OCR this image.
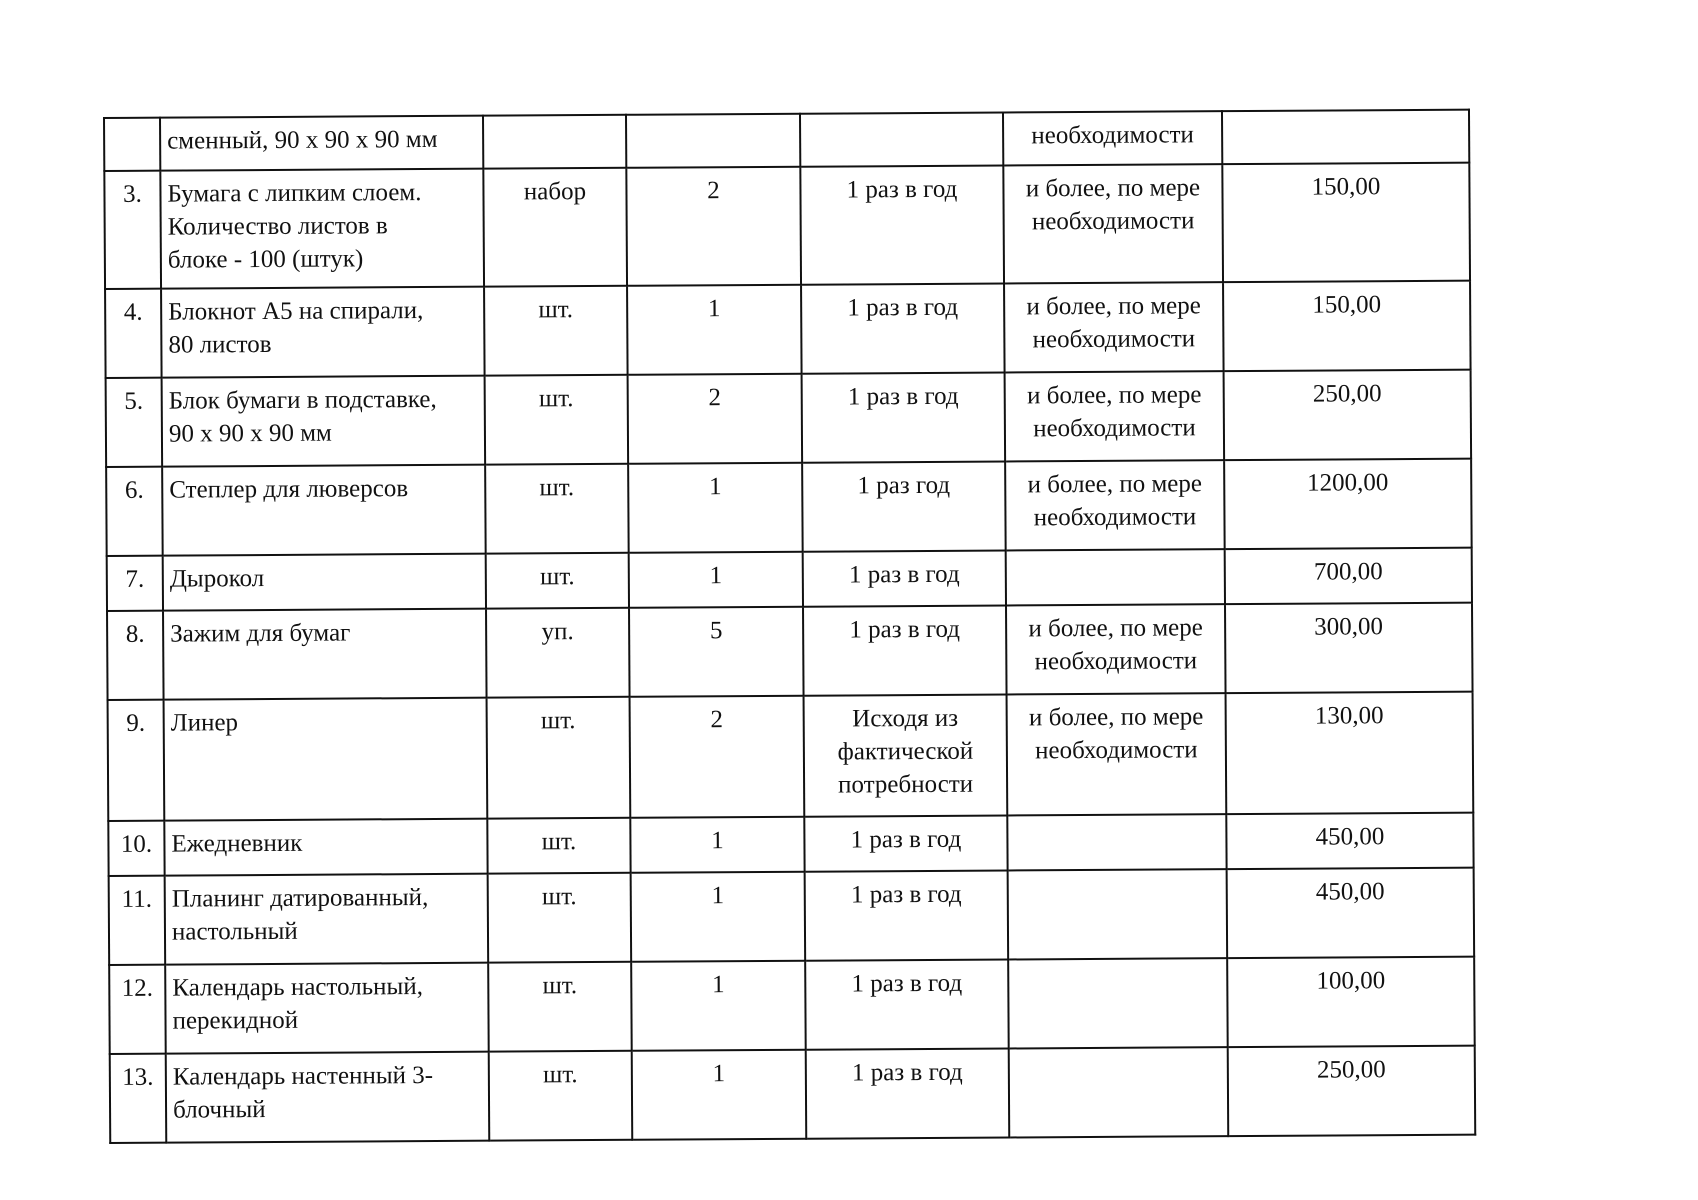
	сменный, 90 х 90 х 90 мм				необходимости	

3.	Бумага с липким слоем.
Количество листов в
блоке - 100 (штук)	набор	2	1 раз в год	и более, по мере
необходимости	150,00

4.	Блокнот А5 на спирали,
80 листов	шт.	1	1 раз в год	и более, по мере
необходимости	150,00

5.	Блок бумаги в подставке,
90 х 90 х 90 мм	шт.	2	1 раз в год	и более, по мере
необходимости	250,00

6.	Степлер для люверсов	шт.	1	1 раз год	и более, по мере
необходимости	1200,00

7.	Дырокол	шт.	1	1 раз в год		700,00

8.	Зажим для бумаг	уп.	5	1 раз в год	и более, по мере
необходимости	300,00

9.	Линер	шт.	2	Исходя из
фактической
потребности	и более, по мере
необходимости	130,00

10.	Ежедневник	шт.	1	1 раз в год		450,00

11.	Планинг датированный,
настольный	шт.	1	1 раз в год		450,00

12.	Календарь настольный,
перекидной	шт.	1	1 раз в год		100,00

13.	Календарь настенный 3-
блочный	шт.	1	1 раз в год		250,00
